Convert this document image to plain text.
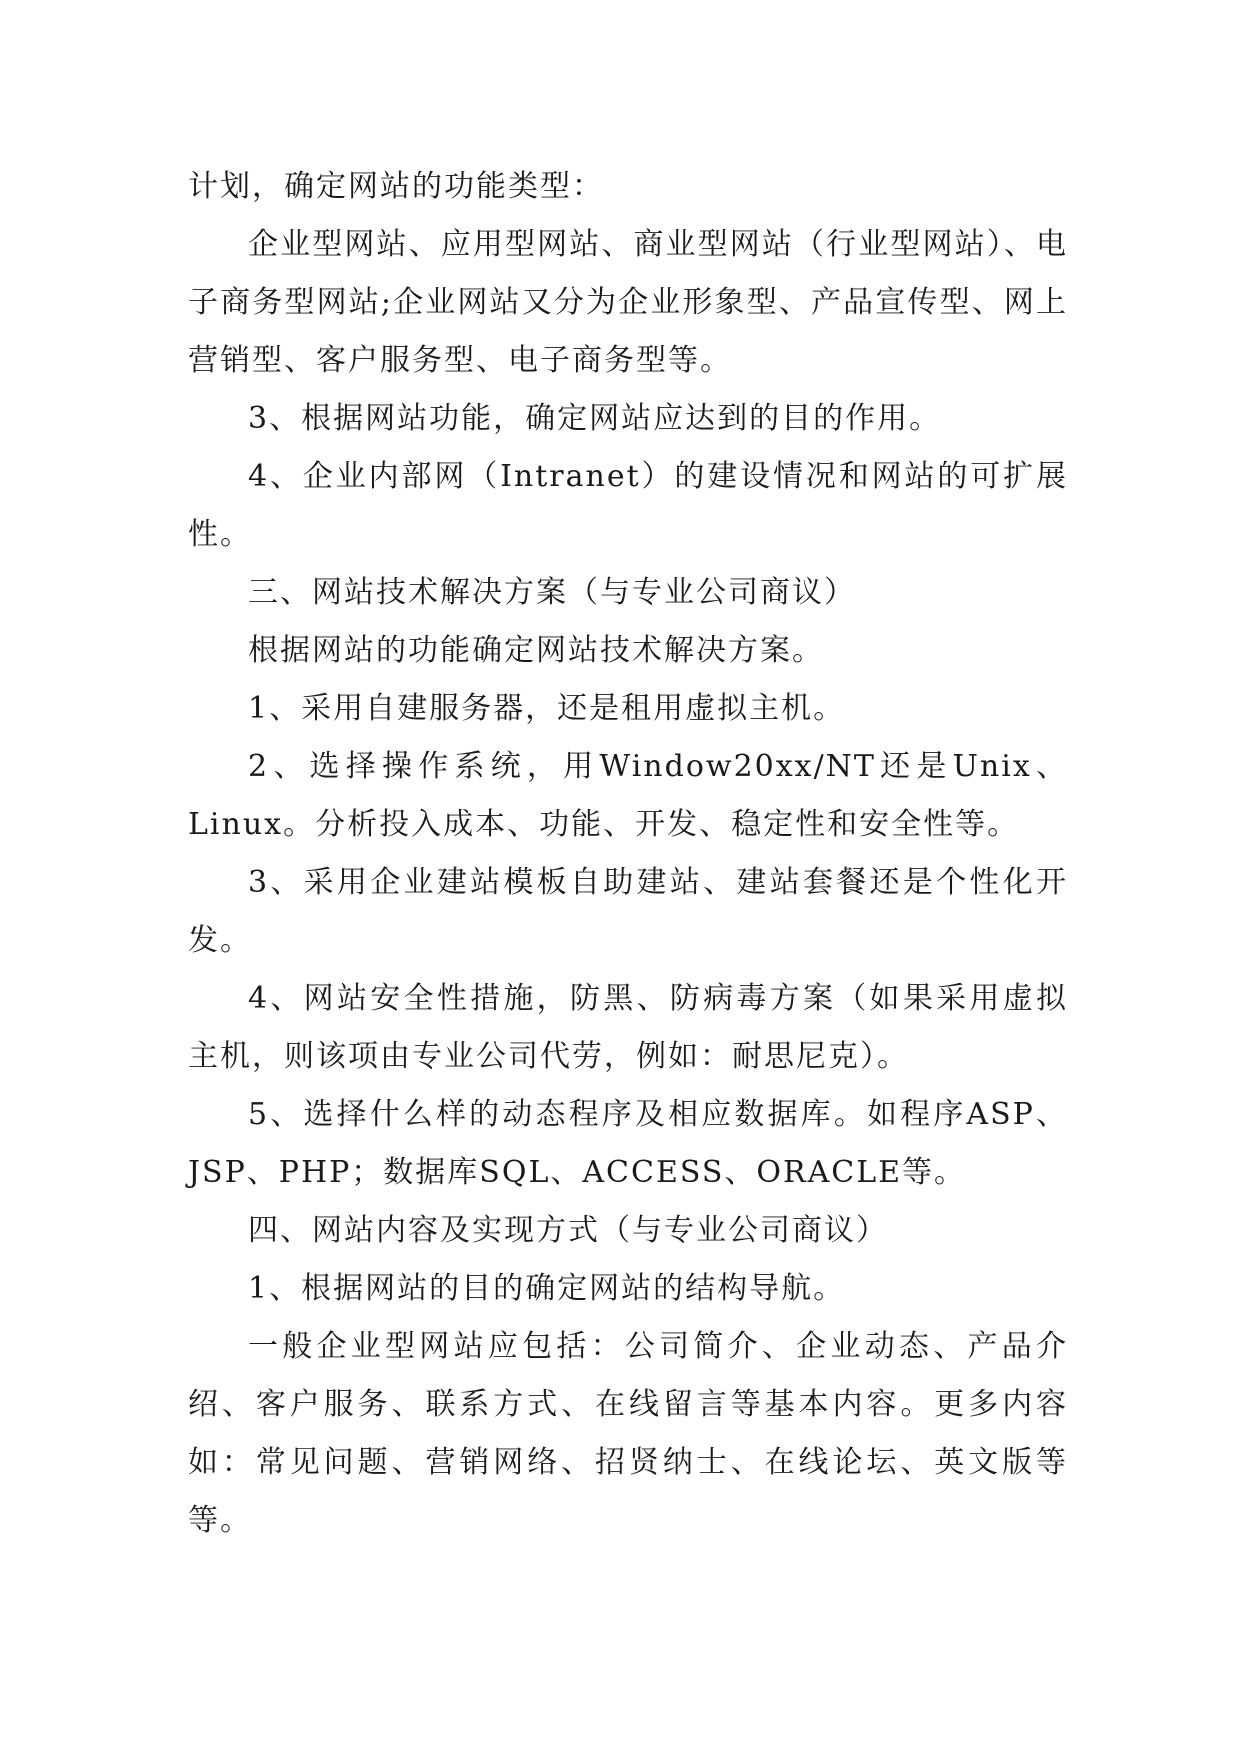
计划，确定网站的功能类型：

企业型网站、应用型网站、商业型网站（行业型网站）、电子商务型网站;企业网站又分为企业形象型、产品宣传型、网上营销型、客户服务型、电子商务型等。

3、根据网站功能，确定网站应达到的目的作用。

4、企业内部网（Intranet）的建设情况和网站的可扩展性。

三、网站技术解决方案（与专业公司商议）

根据网站的功能确定网站技术解决方案。

1、采用自建服务器，还是租用虚拟主机。

2、选择操作系统，用Window20xx/NT还是Unix、Linux。分析投入成本、功能、开发、稳定性和安全性等。

3、采用企业建站模板自助建站、建站套餐还是个性化开发。

4、网站安全性措施，防黑、防病毒方案（如果采用虚拟主机，则该项由专业公司代劳，例如：耐思尼克）。

5、选择什么样的动态程序及相应数据库。如程序ASP、JSP、PHP；数据库SQL、ACCESS、ORACLE等。

四、网站内容及实现方式（与专业公司商议）

1、根据网站的目的确定网站的结构导航。

一般企业型网站应包括：公司简介、企业动态、产品介绍、客户服务、联系方式、在线留言等基本内容。更多内容如：常见问题、营销网络、招贤纳士、在线论坛、英文版等等。
